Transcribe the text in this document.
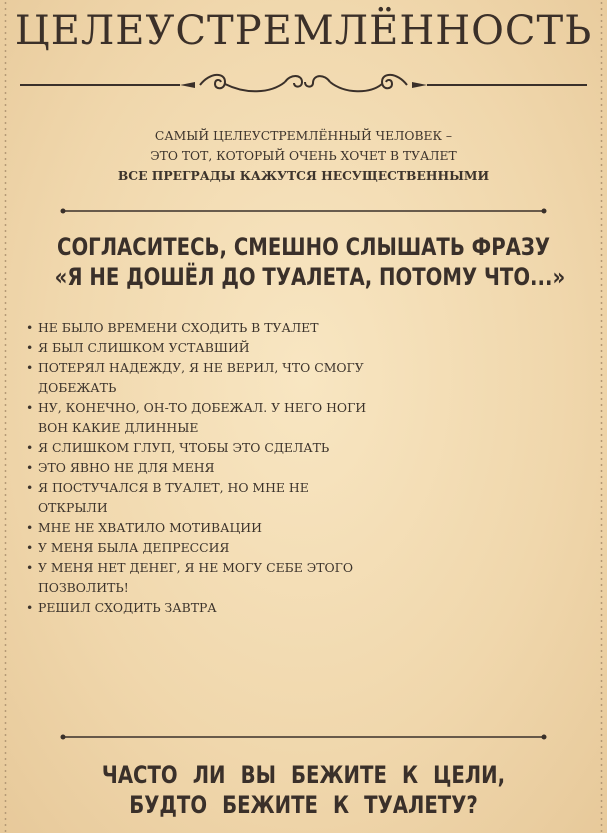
ЦЕЛЕУСТРЕМЛЁННОСТЬ
САМЫЙ ЦЕЛЕУСТРЕМЛЁННЫЙ ЧЕЛОВЕК –
ЭТО ТОТ, КОТОРЫЙ ОЧЕНЬ ХОЧЕТ В ТУАЛЕТ
ВСЕ ПРЕГРАДЫ КАЖУТСЯ НЕСУЩЕСТВЕННЫМИ
СОГЛАСИТЕСЬ, СМЕШНО СЛЫШАТЬ ФРАЗУ
«Я НЕ ДОШЁЛ ДО ТУАЛЕТА, ПОТОМУ ЧТО...»
• НЕ БЫЛО ВРЕМЕНИ СХОДИТЬ В ТУАЛЕТ
• Я БЫЛ СЛИШКОМ УСТАВШИЙ
• ПОТЕРЯЛ НАДЕЖДУ, Я НЕ ВЕРИЛ, ЧТО СМОГУ
ДОБЕЖАТЬ
• НУ, КОНЕЧНО, ОН-ТО ДОБЕЖАЛ. У НЕГО НОГИ
ВОН КАКИЕ ДЛИННЫЕ
• Я СЛИШКОМ ГЛУП, ЧТОБЫ ЭТО СДЕЛАТЬ
• ЭТО ЯВНО НЕ ДЛЯ МЕНЯ
• Я ПОСТУЧАЛСЯ В ТУАЛЕТ, НО МНЕ НЕ
ОТКРЫЛИ
• МНЕ НЕ ХВАТИЛО МОТИВАЦИИ
• У МЕНЯ БЫЛА ДЕПРЕССИЯ
• У МЕНЯ НЕТ ДЕНЕГ, Я НЕ МОГУ СЕБЕ ЭТОГО
ПОЗВОЛИТЬ!
• РЕШИЛ СХОДИТЬ ЗАВТРА
ЧАСТО ЛИ ВЫ БЕЖИТЕ К ЦЕЛИ,
БУДТО БЕЖИТЕ К ТУАЛЕТУ?
